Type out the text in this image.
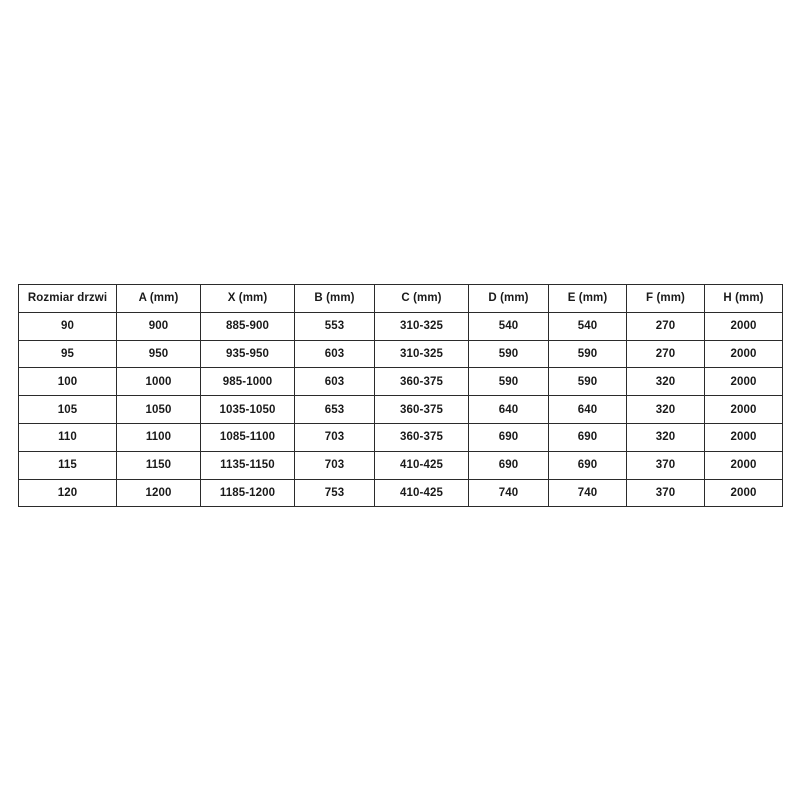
Rozmiar drzwi	A (mm)	X (mm)	B (mm)	C (mm)	D (mm)	E (mm)	F (mm)	H (mm)
90	900	885-900	553	310-325	540	540	270	2000
95	950	935-950	603	310-325	590	590	270	2000
100	1000	985-1000	603	360-375	590	590	320	2000
105	1050	1035-1050	653	360-375	640	640	320	2000
110	1100	1085-1100	703	360-375	690	690	320	2000
115	1150	1135-1150	703	410-425	690	690	370	2000
120	1200	1185-1200	753	410-425	740	740	370	2000
